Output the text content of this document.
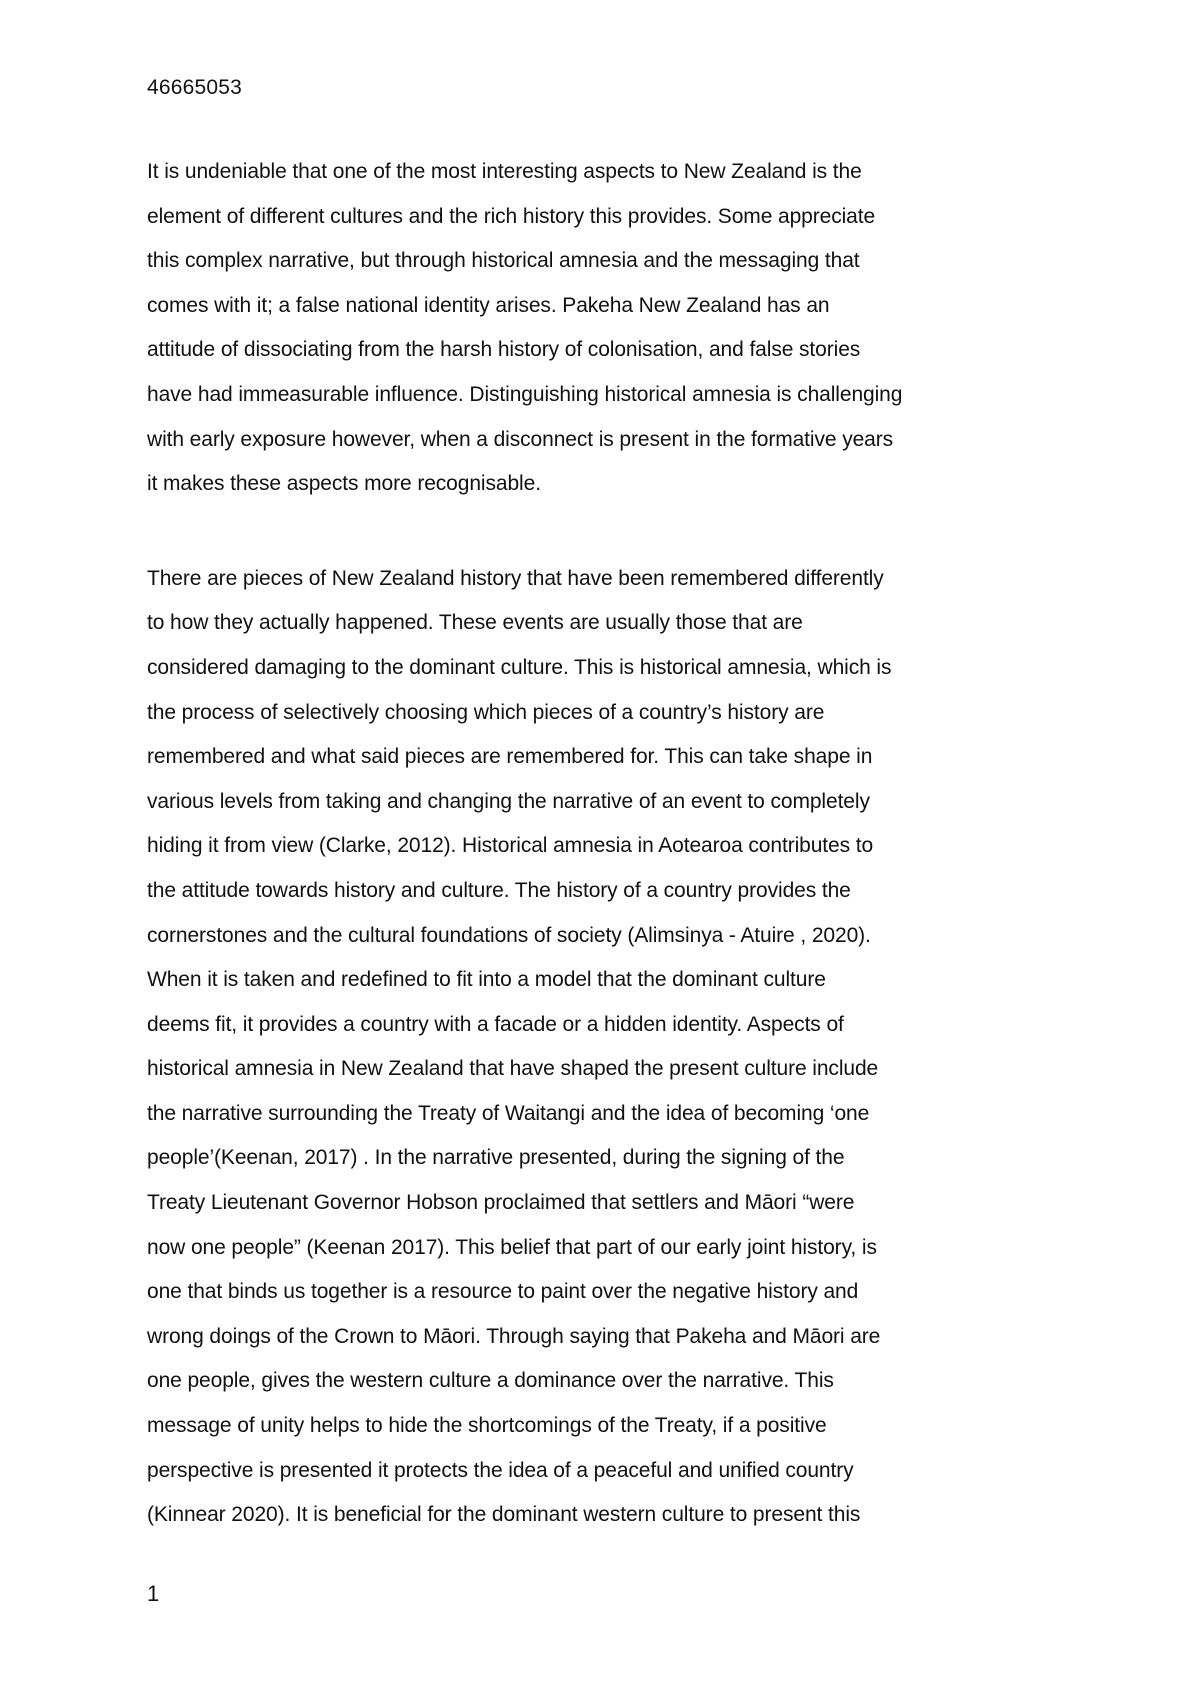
46665053
It is undeniable that one of the most interesting aspects to New Zealand is the
element of different cultures and the rich history this provides. Some appreciate
this complex narrative, but through historical amnesia and the messaging that
comes with it; a false national identity arises. Pakeha New Zealand has an
attitude of dissociating from the harsh history of colonisation, and false stories
have had immeasurable influence. Distinguishing historical amnesia is challenging
with early exposure however, when a disconnect is present in the formative years
it makes these aspects more recognisable.
There are pieces of New Zealand history that have been remembered differently
to how they actually happened. These events are usually those that are
considered damaging to the dominant culture. This is historical amnesia, which is
the process of selectively choosing which pieces of a country’s history are
remembered and what said pieces are remembered for. This can take shape in
various levels from taking and changing the narrative of an event to completely
hiding it from view (Clarke, 2012). Historical amnesia in Aotearoa contributes to
the attitude towards history and culture. The history of a country provides the
cornerstones and the cultural foundations of society (Alimsinya - Atuire , 2020).
When it is taken and redefined to fit into a model that the dominant culture
deems fit, it provides a country with a facade or a hidden identity. Aspects of
historical amnesia in New Zealand that have shaped the present culture include
the narrative surrounding the Treaty of Waitangi and the idea of becoming ‘one
people’(Keenan, 2017) . In the narrative presented, during the signing of the
Treaty Lieutenant Governor Hobson proclaimed that settlers and Māori “were
now one people” (Keenan 2017). This belief that part of our early joint history, is
one that binds us together is a resource to paint over the negative history and
wrong doings of the Crown to Māori. Through saying that Pakeha and Māori are
one people, gives the western culture a dominance over the narrative. This
message of unity helps to hide the shortcomings of the Treaty, if a positive
perspective is presented it protects the idea of a peaceful and unified country
(Kinnear 2020). It is beneficial for the dominant western culture to present this
1
